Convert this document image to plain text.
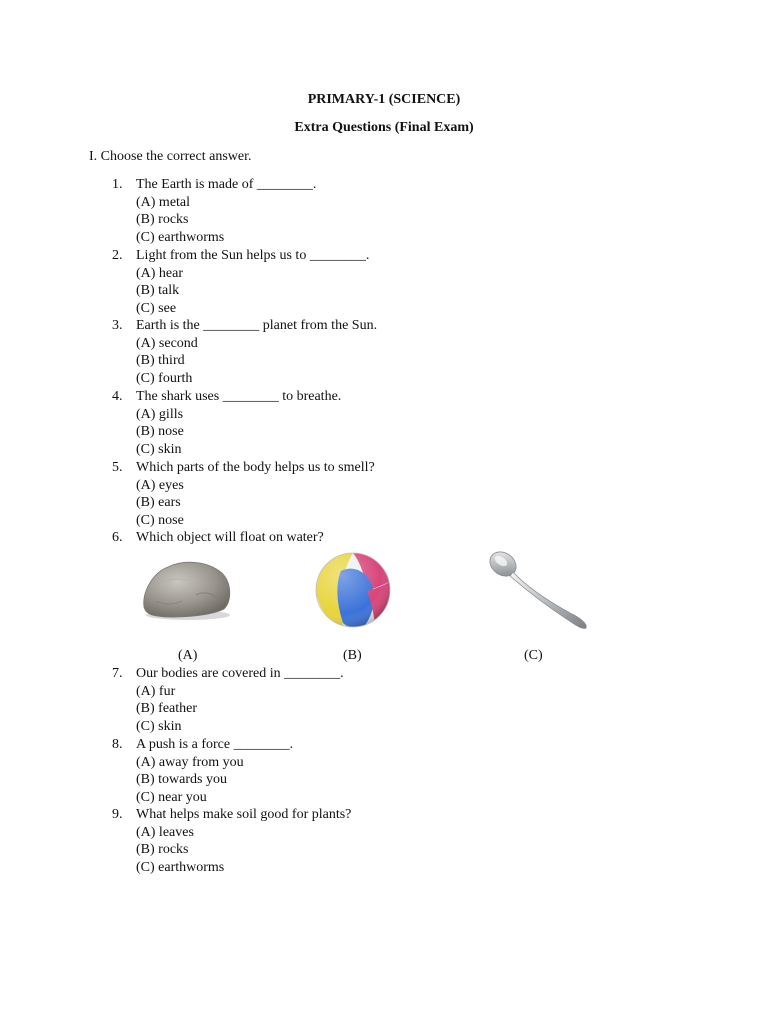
PRIMARY-1 (SCIENCE)
Extra Questions (Final Exam)
I. Choose the correct answer.
1. The Earth is made of ________.
(A) metal
(B) rocks
(C) earthworms
2. Light from the Sun helps us to ________.
(A) hear
(B) talk
(C) see
3. Earth is the ________ planet from the Sun.
(A) second
(B) third
(C) fourth
4. The shark uses ________ to breathe.
(A) gills
(B) nose
(C) skin
5. Which parts of the body helps us to smell?
(A) eyes
(B) ears
(C) nose
6. Which object will float on water?
(A)	(B)	(C)
7. Our bodies are covered in ________.
(A) fur
(B) feather
(C) skin
8. A push is a force ________.
(A) away from you
(B) towards you
(C) near you
9. What helps make soil good for plants?
(A) leaves
(B) rocks
(C) earthworms
